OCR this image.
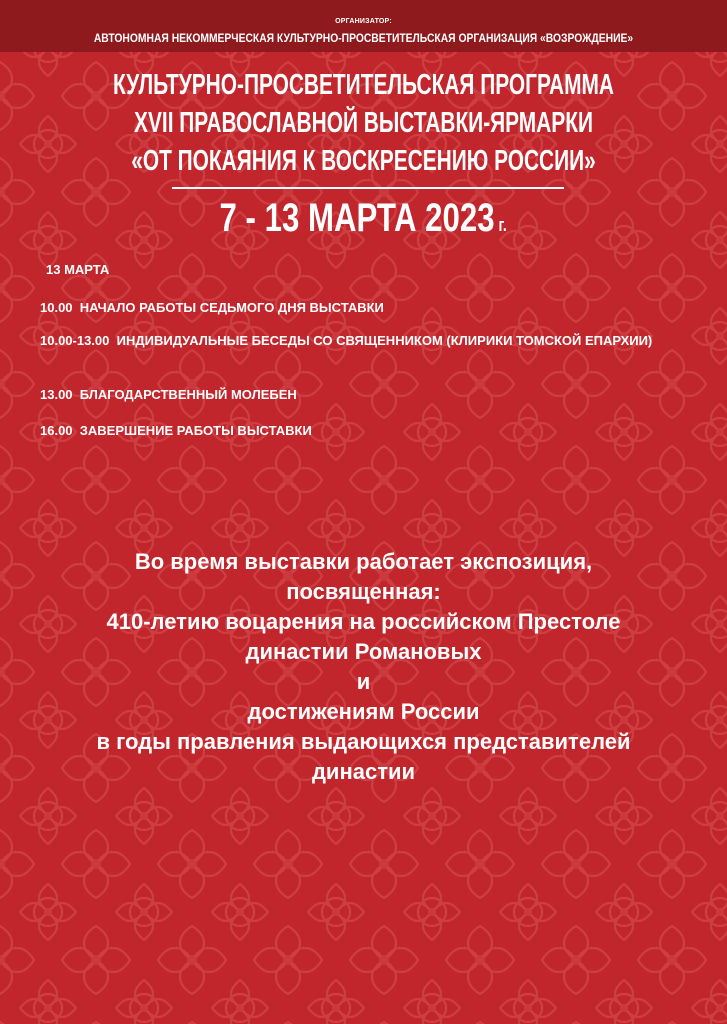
ОРГАНИЗАТОР:
АВТОНОМНАЯ НЕКОММЕРЧЕСКАЯ КУЛЬТУРНО-ПРОСВЕТИТЕЛЬСКАЯ ОРГАНИЗАЦИЯ «ВОЗРОЖДЕНИЕ»
КУЛЬТУРНО-ПРОСВЕТИТЕЛЬСКАЯ ПРОГРАММА
XVII ПРАВОСЛАВНОЙ ВЫСТАВКИ-ЯРМАРКИ
«ОТ ПОКАЯНИЯ К ВОСКРЕСЕНИЮ РОССИИ»
7 - 13 МАРТА 2023 г.
13 МАРТА
10.00 НАЧАЛО РАБОТЫ СЕДЬМОГО ДНЯ ВЫСТАВКИ
10.00-13.00 ИНДИВИДУАЛЬНЫЕ БЕСЕДЫ СО СВЯЩЕННИКОМ (КЛИРИКИ ТОМСКОЙ ЕПАРХИИ)
13.00 БЛАГОДАРСТВЕННЫЙ МОЛЕБЕН
16.00 ЗАВЕРШЕНИЕ РАБОТЫ ВЫСТАВКИ
Во время выставки работает экспозиция,
посвященная:
410-летию воцарения на российском Престоле
династии Романовых
и
достижениям России
в годы правления выдающихся представителей
династии
